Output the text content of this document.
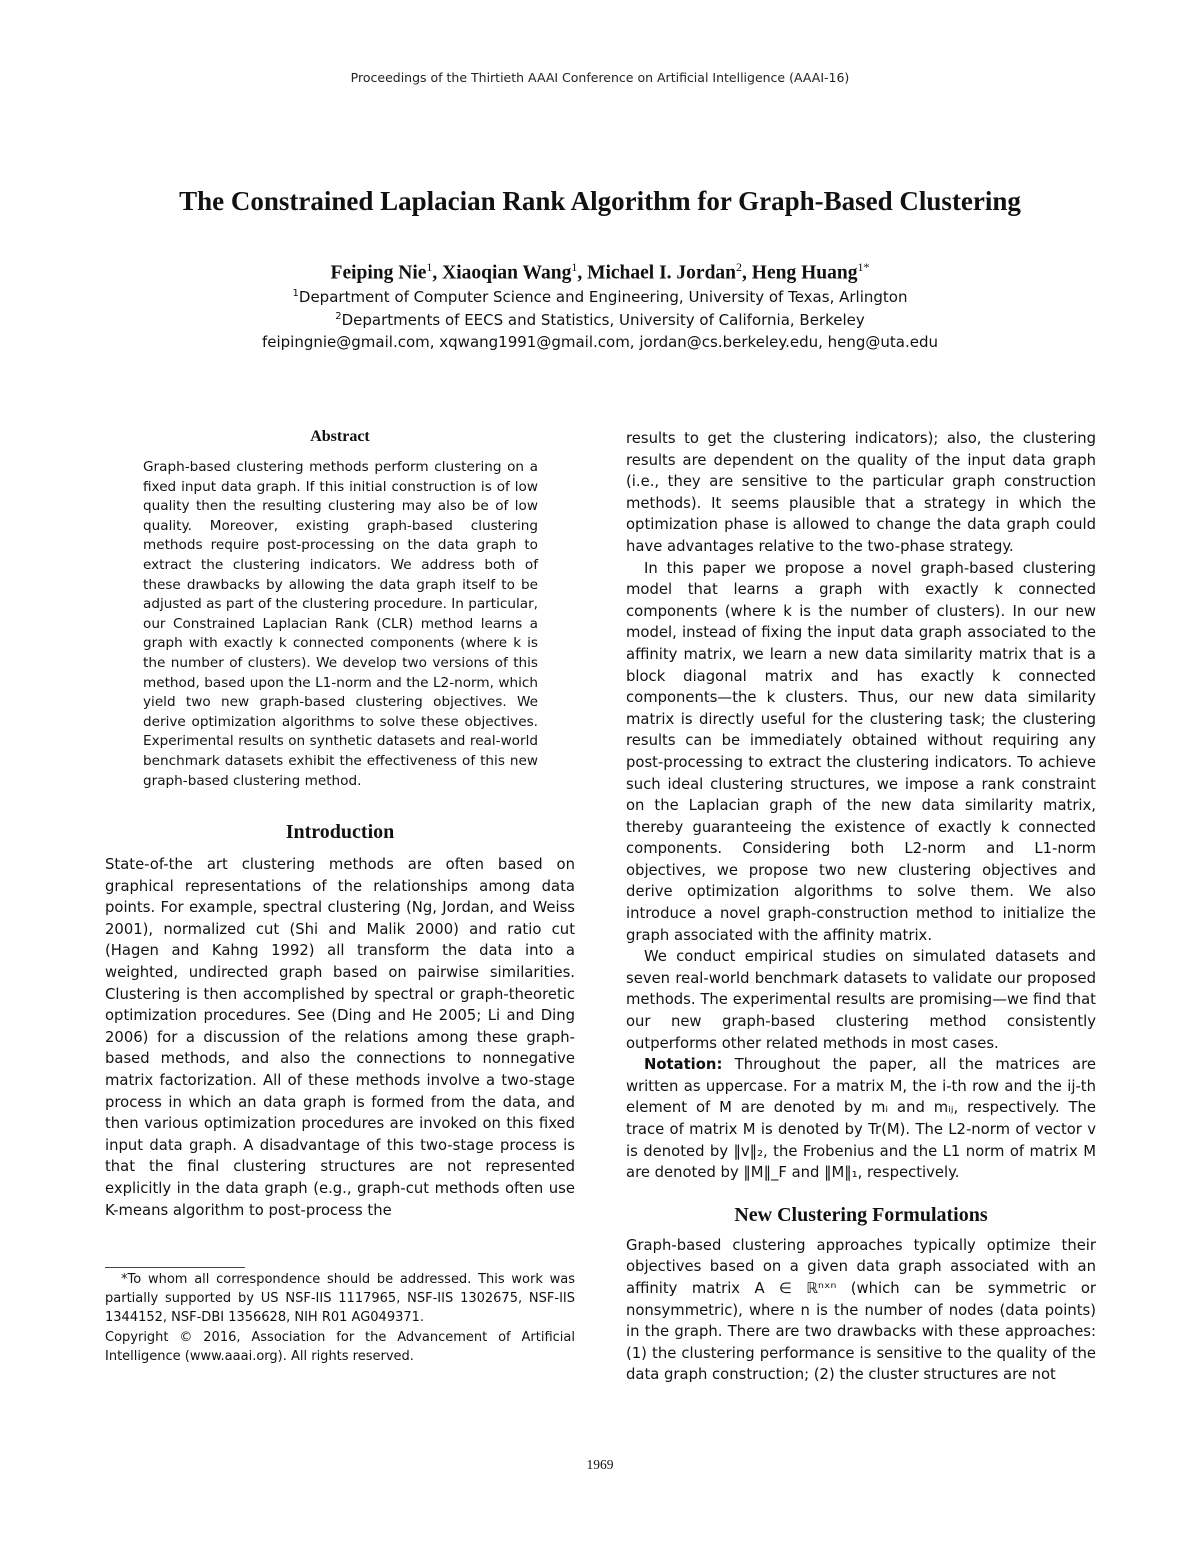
Proceedings of the Thirtieth AAAI Conference on Artificial Intelligence (AAAI-16)
The Constrained Laplacian Rank Algorithm for Graph-Based Clustering
Feiping Nie$^1$, Xiaoqian Wang$^1$, Michael I. Jordan$^2$, Heng Huang$^{1*}$
$^1$Department of Computer Science and Engineering, University of Texas, Arlington
$^2$Departments of EECS and Statistics, University of California, Berkeley
feipingnie@gmail.com, xqwang1991@gmail.com, jordan@cs.berkeley.edu, heng@uta.edu
Abstract

Graph-based clustering methods perform clustering on a fixed input data graph. If this initial construction is of low quality then the resulting clustering may also be of low quality. Moreover, existing graph-based clustering methods require post-processing on the data graph to extract the clustering indicators. We address both of these drawbacks by allowing the data graph itself to be adjusted as part of the clustering procedure. In particular, our Constrained Laplacian Rank (CLR) method learns a graph with exactly k connected components (where k is the number of clusters). We develop two versions of this method, based upon the L1-norm and the L2-norm, which yield two new graph-based clustering objectives. We derive optimization algorithms to solve these objectives. Experimental results on synthetic datasets and real-world benchmark datasets exhibit the effectiveness of this new graph-based clustering method.

Introduction

State-of-the art clustering methods are often based on graphical representations of the relationships among data points. For example, spectral clustering (Ng, Jordan, and Weiss 2001), normalized cut (Shi and Malik 2000) and ratio cut (Hagen and Kahng 1992) all transform the data into a weighted, undirected graph based on pairwise similarities. Clustering is then accomplished by spectral or graph-theoretic optimization procedures. See (Ding and He 2005; Li and Ding 2006) for a discussion of the relations among these graph-based methods, and also the connections to nonnegative matrix factorization. All of these methods involve a two-stage process in which an data graph is formed from the data, and then various optimization procedures are invoked on this fixed input data graph. A disadvantage of this two-stage process is that the final clustering structures are not represented explicitly in the data graph (e.g., graph-cut methods often use K-means algorithm to post-process the

*To whom all correspondence should be addressed. This work was partially supported by US NSF-IIS 1117965, NSF-IIS 1302675, NSF-IIS 1344152, NSF-DBI 1356628, NIH R01 AG049371.

Copyright © 2016, Association for the Advancement of Artificial Intelligence (www.aaai.org). All rights reserved.

results to get the clustering indicators); also, the clustering results are dependent on the quality of the input data graph (i.e., they are sensitive to the particular graph construction methods). It seems plausible that a strategy in which the optimization phase is allowed to change the data graph could have advantages relative to the two-phase strategy.

In this paper we propose a novel graph-based clustering model that learns a graph with exactly k connected components (where k is the number of clusters). In our new model, instead of fixing the input data graph associated to the affinity matrix, we learn a new data similarity matrix that is a block diagonal matrix and has exactly k connected components—the k clusters. Thus, our new data similarity matrix is directly useful for the clustering task; the clustering results can be immediately obtained without requiring any post-processing to extract the clustering indicators. To achieve such ideal clustering structures, we impose a rank constraint on the Laplacian graph of the new data similarity matrix, thereby guaranteeing the existence of exactly k connected components. Considering both L2-norm and L1-norm objectives, we propose two new clustering objectives and derive optimization algorithms to solve them. We also introduce a novel graph-construction method to initialize the graph associated with the affinity matrix.

We conduct empirical studies on simulated datasets and seven real-world benchmark datasets to validate our proposed methods. The experimental results are promising—we find that our new graph-based clustering method consistently outperforms other related methods in most cases.

Notation: Throughout the paper, all the matrices are written as uppercase. For a matrix M, the i-th row and the ij-th element of M are denoted by mᵢ and mᵢⱼ, respectively. The trace of matrix M is denoted by Tr(M). The L2-norm of vector v is denoted by ‖v‖₂, the Frobenius and the L1 norm of matrix M are denoted by ‖M‖_F and ‖M‖₁, respectively.

New Clustering Formulations

Graph-based clustering approaches typically optimize their objectives based on a given data graph associated with an affinity matrix A ∈ ℝⁿˣⁿ (which can be symmetric or nonsymmetric), where n is the number of nodes (data points) in the graph. There are two drawbacks with these approaches: (1) the clustering performance is sensitive to the quality of the data graph construction; (2) the cluster structures are not

1969
